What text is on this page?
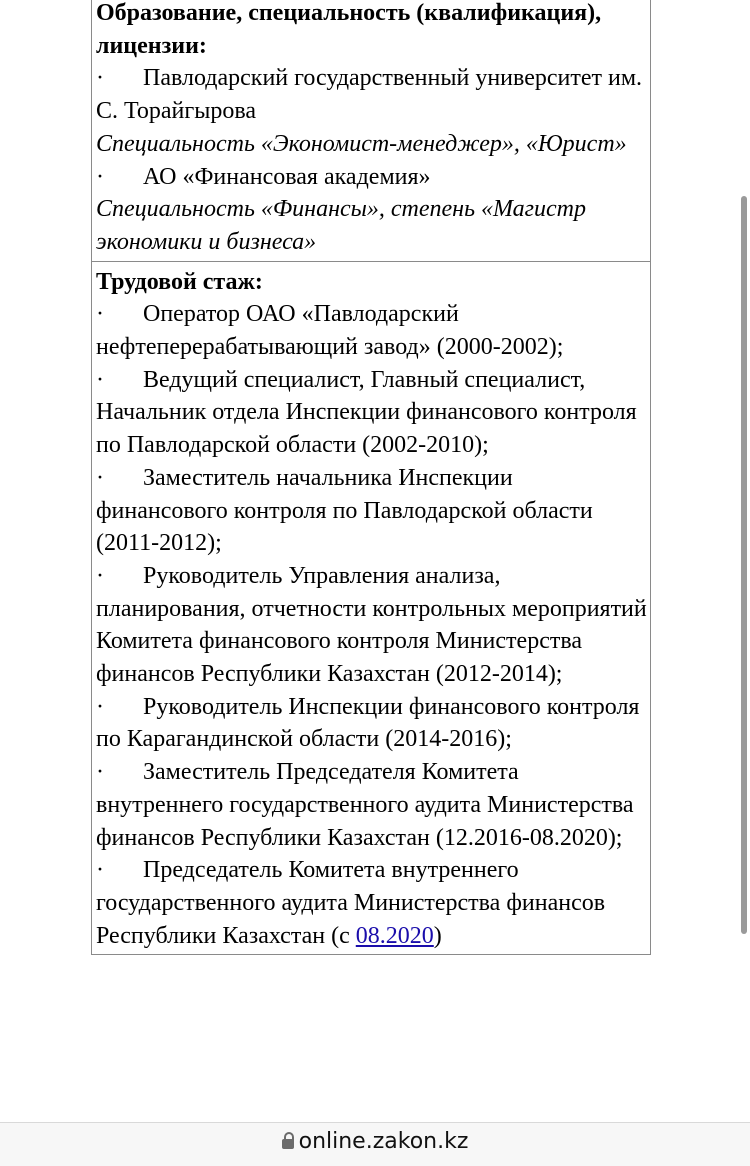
Образование, специальность (квалификация), лицензии:
· Павлодарский государственный университет им. С. Торайгырова
Специальность «Экономист-менеджер», «Юрист»
· АО «Финансовая академия»
Специальность «Финансы», степень «Магистр экономики и бизнеса»

Трудовой стаж:
· Оператор ОАО «Павлодарский нефтеперерабатывающий завод» (2000-2002);
· Ведущий специалист, Главный специалист, Начальник отдела Инспекции финансового контроля по Павлодарской области (2002-2010);
· Заместитель начальника Инспекции финансового контроля по Павлодарской области (2011-2012);
· Руководитель Управления анализа, планирования, отчетности контрольных мероприятий Комитета финансового контроля Министерства финансов Республики Казахстан (2012-2014);
· Руководитель Инспекции финансового контроля по Карагандинской области (2014-2016);
· Заместитель Председателя Комитета внутреннего государственного аудита Министерства финансов Республики Казахстан (12.2016-08.2020);
· Председатель Комитета внутреннего государственного аудита Министерства финансов Республики Казахстан (с 08.2020)
online.zakon.kz
